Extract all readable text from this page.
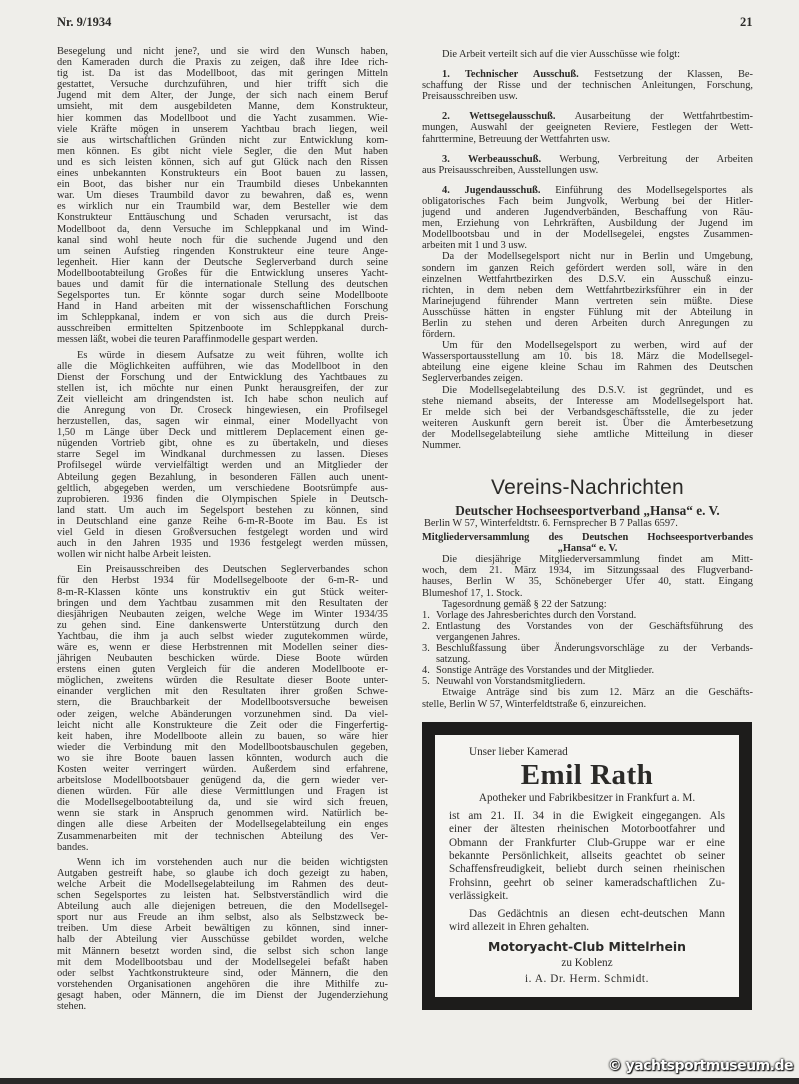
Nr. 9/1934	21
Besegelung und nicht jene?, und sie wird den Wunsch haben,
den Kameraden durch die Praxis zu zeigen, daß ihre Idee rich-
tig ist. Da ist das Modellboot, das mit geringen Mitteln
gestattet, Versuche durchzuführen, und hier trifft sich die
Jugend mit dem Alter, der Junge, der sich nach einem Beruf
umsieht, mit dem ausgebildeten Manne, dem Konstrukteur,
hier kommen das Modellboot und die Yacht zusammen. Wie-
viele Kräfte mögen in unserem Yachtbau brach liegen, weil
sie aus wirtschaftlichen Gründen nicht zur Entwicklung kom-
men können. Es gibt nicht viele Segler, die den Mut haben
und es sich leisten können, sich auf gut Glück nach den Rissen
eines unbekannten Konstrukteurs ein Boot bauen zu lassen,
ein Boot, das bisher nur ein Traumbild dieses Unbekannten
war. Um dieses Traumbild davor zu bewahren, daß es, wenn
es wirklich nur ein Traumbild war, dem Besteller wie dem
Konstrukteur Enttäuschung und Schaden verursacht, ist das
Modellboot da, denn Versuche im Schleppkanal und im Wind-
kanal sind wohl heute noch für die suchende Jugend und den
um seinen Aufstieg ringenden Konstrukteur eine teure Ange-
legenheit. Hier kann der Deutsche Seglerverband durch seine
Modellbootabteilung Großes für die Entwicklung unseres Yacht-
baues und damit für die internationale Stellung des deutschen
Segelsportes tun. Er könnte sogar durch seine Modellboote
Hand in Hand arbeiten mit der wissenschaftlichen Forschung
im Schleppkanal, indem er von sich aus die durch Preis-
ausschreiben ermittelten Spitzenboote im Schleppkanal durch-
messen läßt, wobei die teuren Paraffinmodelle gespart werden.
Es würde in diesem Aufsatze zu weit führen, wollte ich
alle die Möglichkeiten aufführen, wie das Modellboot in den
Dienst der Forschung und der Entwicklung des Yachtbaues zu
stellen ist, ich möchte nur einen Punkt herausgreifen, der zur
Zeit vielleicht am dringendsten ist. Ich habe schon neulich auf
die Anregung von Dr. Croseck hingewiesen, ein Profilsegel
herzustellen, das, sagen wir einmal, einer Modellyacht von
1,50 m Länge über Deck und mittlerem Deplacement einen ge-
nügenden Vortrieb gibt, ohne es zu übertakeln, und dieses
starre Segel im Windkanal durchmessen zu lassen. Dieses
Profilsegel würde vervielfältigt werden und an Mitglieder der
Abteilung gegen Bezahlung, in besonderen Fällen auch unent-
geltlich, abgegeben werden, um verschiedene Bootsrümpfe aus-
zuprobieren. 1936 finden die Olympischen Spiele in Deutsch-
land statt. Um auch im Segelsport bestehen zu können, sind
in Deutschland eine ganze Reihe 6-m-R-Boote im Bau. Es ist
viel Geld in diesen Großversuchen festgelegt worden und wird
auch in den Jahren 1935 und 1936 festgelegt werden müssen,
wollen wir nicht halbe Arbeit leisten.
Ein Preisausschreiben des Deutschen Seglerverbandes schon
für den Herbst 1934 für Modellsegelboote der 6-m-R- und
8-m-R-Klassen könte uns konstruktiv ein gut Stück weiter-
bringen und dem Yachtbau zusammen mit den Resultaten der
diesjährigen Neubauten zeigen, welche Wege im Winter 1934/35
zu gehen sind. Eine dankenswerte Unterstützung durch den
Yachtbau, die ihm ja auch selbst wieder zugutekommen würde,
wäre es, wenn er diese Herbstrennen mit Modellen seiner dies-
jährigen Neubauten beschicken würde. Diese Boote würden
erstens einen guten Vergleich für die anderen Modellboote er-
möglichen, zweitens würden die Resultate dieser Boote unter-
einander verglichen mit den Resultaten ihrer großen Schwe-
stern, die Brauchbarkeit der Modellbootsversuche beweisen
oder zeigen, welche Abänderungen vorzunehmen sind. Da viel-
leicht nicht alle Konstrukteure die Zeit oder die Fingerfertig-
keit haben, ihre Modellboote allein zu bauen, so wäre hier
wieder die Verbindung mit den Modellbootsbauschulen gegeben,
wo sie ihre Boote bauen lassen könnten, wodurch auch die
Kosten weiter verringert würden. Außerdem sind erfahrene,
arbeitslose Modellbootsbauer genügend da, die gern wieder ver-
dienen würden. Für alle diese Vermittlungen und Fragen ist
die Modellsegelbootabteilung da, und sie wird sich freuen,
wenn sie stark in Anspruch genommen wird. Natürlich be-
dingen alle diese Arbeiten der Modellsegelabteilung ein enges
Zusammenarbeiten mit der technischen Abteilung des Ver-
bandes.
Wenn ich im vorstehenden auch nur die beiden wichtigsten
Autgaben gestreift habe, so glaube ich doch gezeigt zu haben,
welche Arbeit die Modellsegelabteilung im Rahmen des deut-
schen Segelsportes zu leisten hat. Selbstverständlich wird die
Abteilung auch alle diejenigen betreuen, die den Modellsegel-
sport nur aus Freude an ihm selbst, also als Selbstzweck be-
treiben. Um diese Arbeit bewältigen zu können, sind inner-
halb der Abteilung vier Ausschüsse gebildet worden, welche
mit Männern besetzt worden sind, die selbst sich schon lange
mit dem Modellbootsbau und der Modellsegelei befaßt haben
oder selbst Yachtkonstrukteure sind, oder Männern, die den
vorstehenden Organisationen angehören die ihre Mithilfe zu-
gesagt haben, oder Männern, die im Dienst der Jugenderziehung
stehen.
Die Arbeit verteilt sich auf die vier Ausschüsse wie folgt:
1. Technischer Ausschuß. Festsetzung der Klassen, Be-
schaffung der Risse und der technischen Anleitungen, Forschung,
Preisausschreiben usw.
2. Wettsegelausschuß. Ausarbeitung der Wettfahrtbestim-
mungen, Auswahl der geeigneten Reviere, Festlegen der Wett-
fahrttermine, Betreuung der Wettfahrten usw.
3. Werbeausschuß. Werbung, Verbreitung der Arbeiten
aus Preisausschreiben, Ausstellungen usw.
4. Jugendausschuß. Einführung des Modellsegelsportes als
obligatorisches Fach beim Jungvolk, Werbung bei der Hitler-
jugend und anderen Jugendverbänden, Beschaffung von Räu-
men, Erziehung von Lehrkräften, Ausbildung der Jugend im
Modellbootsbau und in der Modellsegelei, engstes Zusammen-
arbeiten mit 1 und 3 usw.
Da der Modellsegelsport nicht nur in Berlin und Umgebung,
sondern im ganzen Reich gefördert werden soll, wäre in den
einzelnen Wettfahrtbezirken des D.S.V. ein Ausschuß einzu-
richten, in dem neben dem Wettfahrtbezirksführer ein in der
Marinejugend führender Mann vertreten sein müßte. Diese
Ausschüsse hätten in engster Fühlung mit der Abteilung in
Berlin zu stehen und deren Arbeiten durch Anregungen zu
fördern.
Um für den Modellsegelsport zu werben, wird auf der
Wassersportausstellung am 10. bis 18. März die Modellsegel-
abteilung eine eigene kleine Schau im Rahmen des Deutschen
Seglerverbandes zeigen.
Die Modellsegelabteilung des D.S.V. ist gegründet, und es
stehe niemand abseits, der Interesse am Modellsegelsport hat.
Er melde sich bei der Verbandsgeschäftsstelle, die zu jeder
weiteren Auskunft gern bereit ist. Über die Ämterbesetzung
der Modellsegelabteilung siehe amtliche Mitteilung in dieser
Nummer.
Vereins-Nachrichten
Deutscher Hochseesportverband „Hansa“ e. V.
Berlin W 57, Winterfeldtstr. 6. Fernsprecher B 7 Pallas 6597.
Mitgliederversammlung des Deutschen Hochseesportverbandes
„Hansa“ e. V.
Die diesjährige Mitgliederversammlung findet am Mitt-
woch, dem 21. März 1934, im Sitzungssaal des Flugverband-
hauses, Berlin W 35, Schöneberger Ufer 40, statt. Eingang
Blumeshof 17, 1. Stock.
Tagesordnung gemäß § 22 der Satzung:
1. Vorlage des Jahresberichtes durch den Vorstand.
2. Entlastung des Vorstandes von der Geschäftsführung des
vergangenen Jahres.
3. Beschlußfassung über Änderungsvorschläge zu der Verbands-
satzung.
4. Sonstige Anträge des Vorstandes und der Mitglieder.
5. Neuwahl von Vorstandsmitgliedern.
Etwaige Anträge sind bis zum 12. März an die Geschäfts-
stelle, Berlin W 57, Winterfeldtstraße 6, einzureichen.
Unser lieber Kamerad
Emil Rath
Apotheker und Fabrikbesitzer in Frankfurt a. M.
ist am 21. II. 34 in die Ewigkeit eingegangen. Als
einer der ältesten rheinischen Motorbootfahrer und
Obmann der Frankfurter Club-Gruppe war er eine
bekannte Persönlichkeit, allseits geachtet ob seiner
Schaffensfreudigkeit, beliebt durch seinen rheinischen
Frohsinn, geehrt ob seiner kameradschaftlichen Zu-
verlässigkeit.
Das Gedächtnis an diesen echt-deutschen Mann
wird allezeit in Ehren gehalten.
Motoryacht-Club Mittelrhein
zu Koblenz
i. A. Dr. Herm. Schmidt.
© yachtsportmuseum.de
